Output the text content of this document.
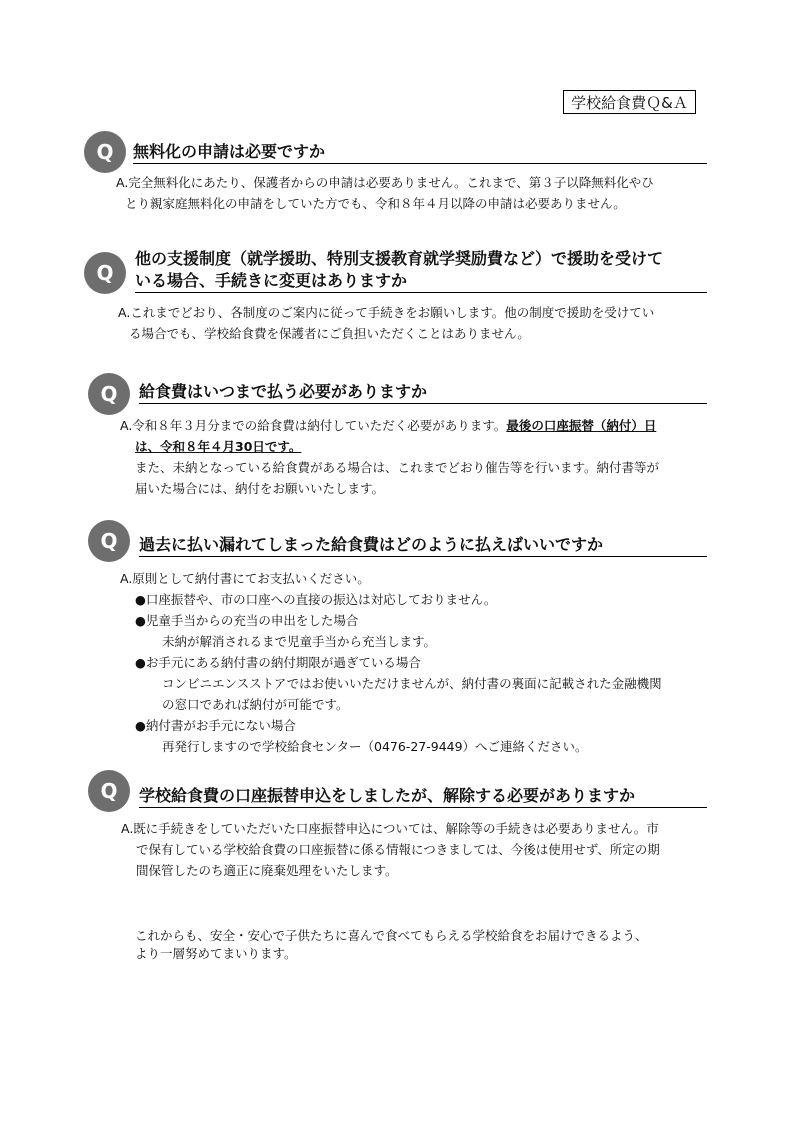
学校給食費Ｑ&Ａ
Q	無料化の申請は必要ですか
A.完全無料化にあたり、保護者からの申請は必要ありません。これまで、第３子以降無料化やひ
とり親家庭無料化の申請をしていた方でも、令和８年４月以降の申請は必要ありません。
Q
他の支援制度（就学援助、特別支援教育就学奨励費など）で援助を受けて
いる場合、手続きに変更はありますか
A.これまでどおり、各制度のご案内に従って手続きをお願いします。他の制度で援助を受けてい
る場合でも、学校給食費を保護者にご負担いただくことはありません。
Q	給食費はいつまで払う必要がありますか
A.令和８年３月分までの給食費は納付していただく必要があります。最後の口座振替（納付）日
は、令和８年４月30日です。
また、未納となっている給食費がある場合は、これまでどおり催告等を行います。納付書等が
届いた場合には、納付をお願いいたします。
Q	過去に払い漏れてしまった給食費はどのように払えばいいですか
A.原則として納付書にてお支払いください。
●口座振替や、市の口座への直接の振込は対応しておりません。
●児童手当からの充当の申出をした場合
未納が解消されるまで児童手当から充当します。
●お手元にある納付書の納付期限が過ぎている場合
コンビニエンスストアではお使いいただけませんが、納付書の裏面に記載された金融機関
の窓口であれば納付が可能です。
●納付書がお手元にない場合
再発行しますので学校給食センター（0476-27-9449）へご連絡ください。
Q	学校給食費の口座振替申込をしましたが、解除する必要がありますか
A.既に手続きをしていただいた口座振替申込については、解除等の手続きは必要ありません。市
で保有している学校給食費の口座振替に係る情報につきましては、今後は使用せず、所定の期
間保管したのち適正に廃棄処理をいたします。
これからも、安全・安心で子供たちに喜んで食べてもらえる学校給食をお届けできるよう、
より一層努めてまいります。
